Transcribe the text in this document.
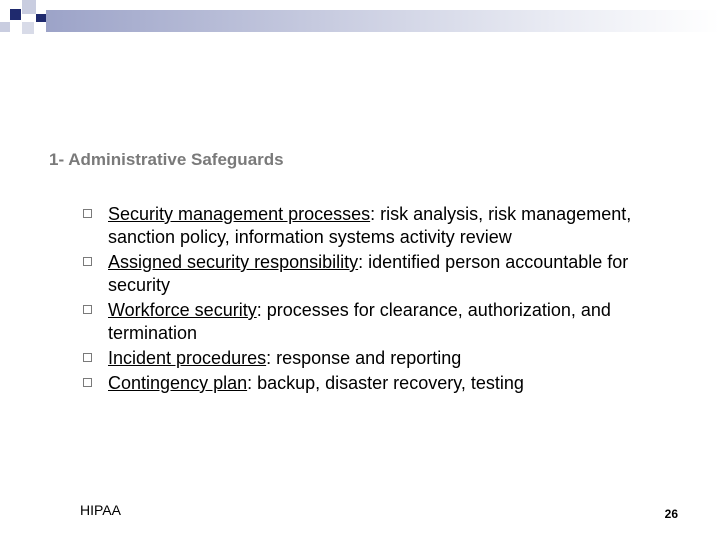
1- Administrative Safeguards
Security management processes: risk analysis, risk management, sanction policy, information systems activity review
Assigned security responsibility: identified person accountable for security
Workforce security: processes for clearance, authorization, and termination
Incident procedures: response and reporting
Contingency plan: backup, disaster recovery, testing
HIPAA	26
